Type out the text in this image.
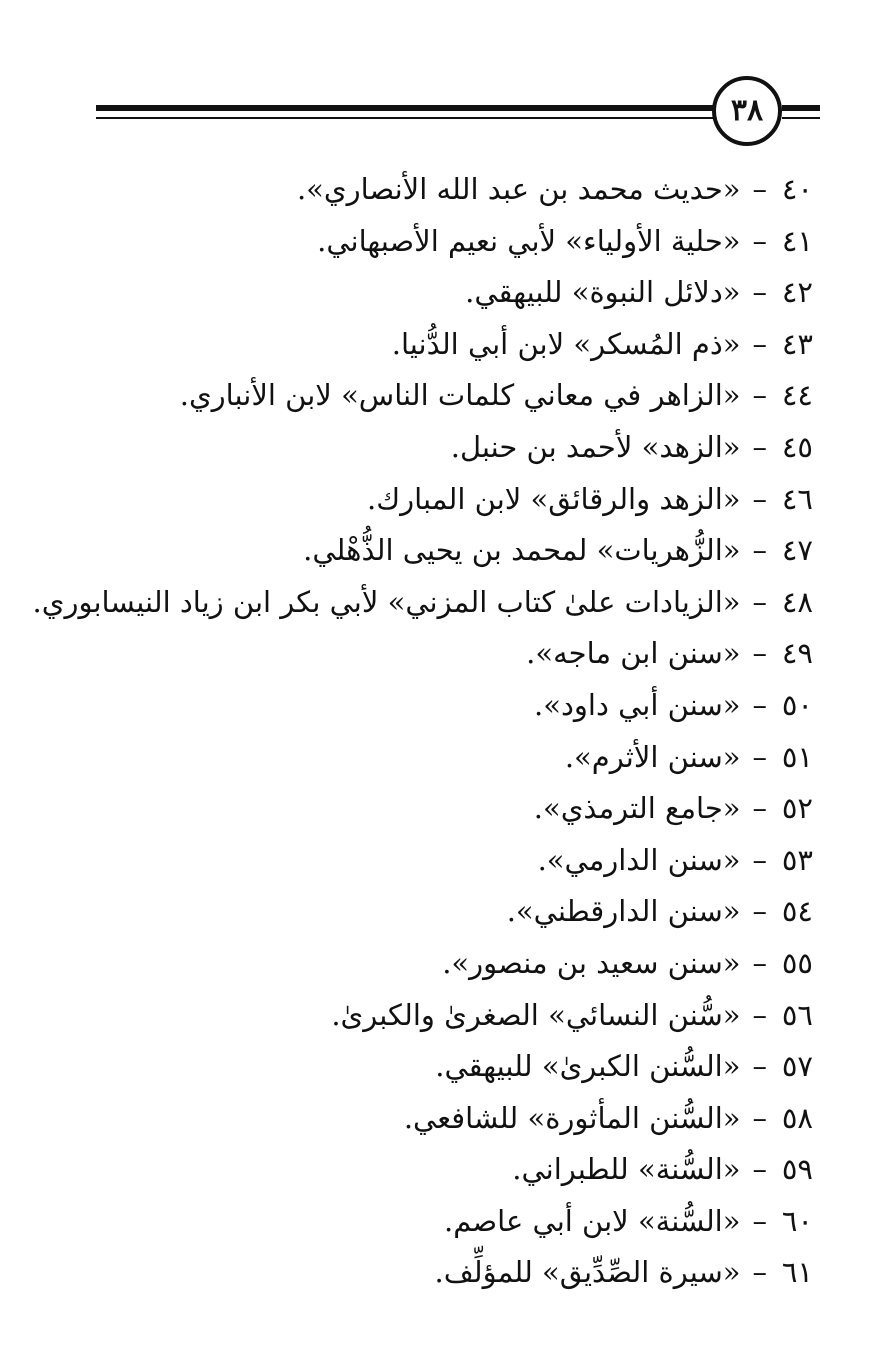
٣٨
٤٠–«حديث محمد بن عبد الله الأنصاري».
٤١–«حلية الأولياء» لأبي نعيم الأصبهاني.
٤٢–«دلائل النبوة» للبيهقي.
٤٣–«ذم المُسكر» لابن أبي الدُّنيا.
٤٤–«الزاهر في معاني كلمات الناس» لابن الأنباري.
٤٥–«الزهد» لأحمد بن حنبل.
٤٦–«الزهد والرقائق» لابن المبارك.
٤٧–«الزُّهريات» لمحمد بن يحيى الذُّهْلي.
٤٨–«الزيادات علىٰ كتاب المزني» لأبي بكر ابن زياد النيسابوري.
٤٩–«سنن ابن ماجه».
٥٠–«سنن أبي داود».
٥١–«سنن الأثرم».
٥٢–«جامع الترمذي».
٥٣–«سنن الدارمي».
٥٤–«سنن الدارقطني».
٥٥–«سنن سعيد بن منصور».
٥٦–«سُّنن النسائي» الصغرىٰ والكبرىٰ.
٥٧–«السُّنن الكبرىٰ» للبيهقي.
٥٨–«السُّنن المأثورة» للشافعي.
٥٩–«السُّنة» للطبراني.
٦٠–«السُّنة» لابن أبي عاصم.
٦١–«سيرة الصِّدِّيق» للمؤلِّف.
